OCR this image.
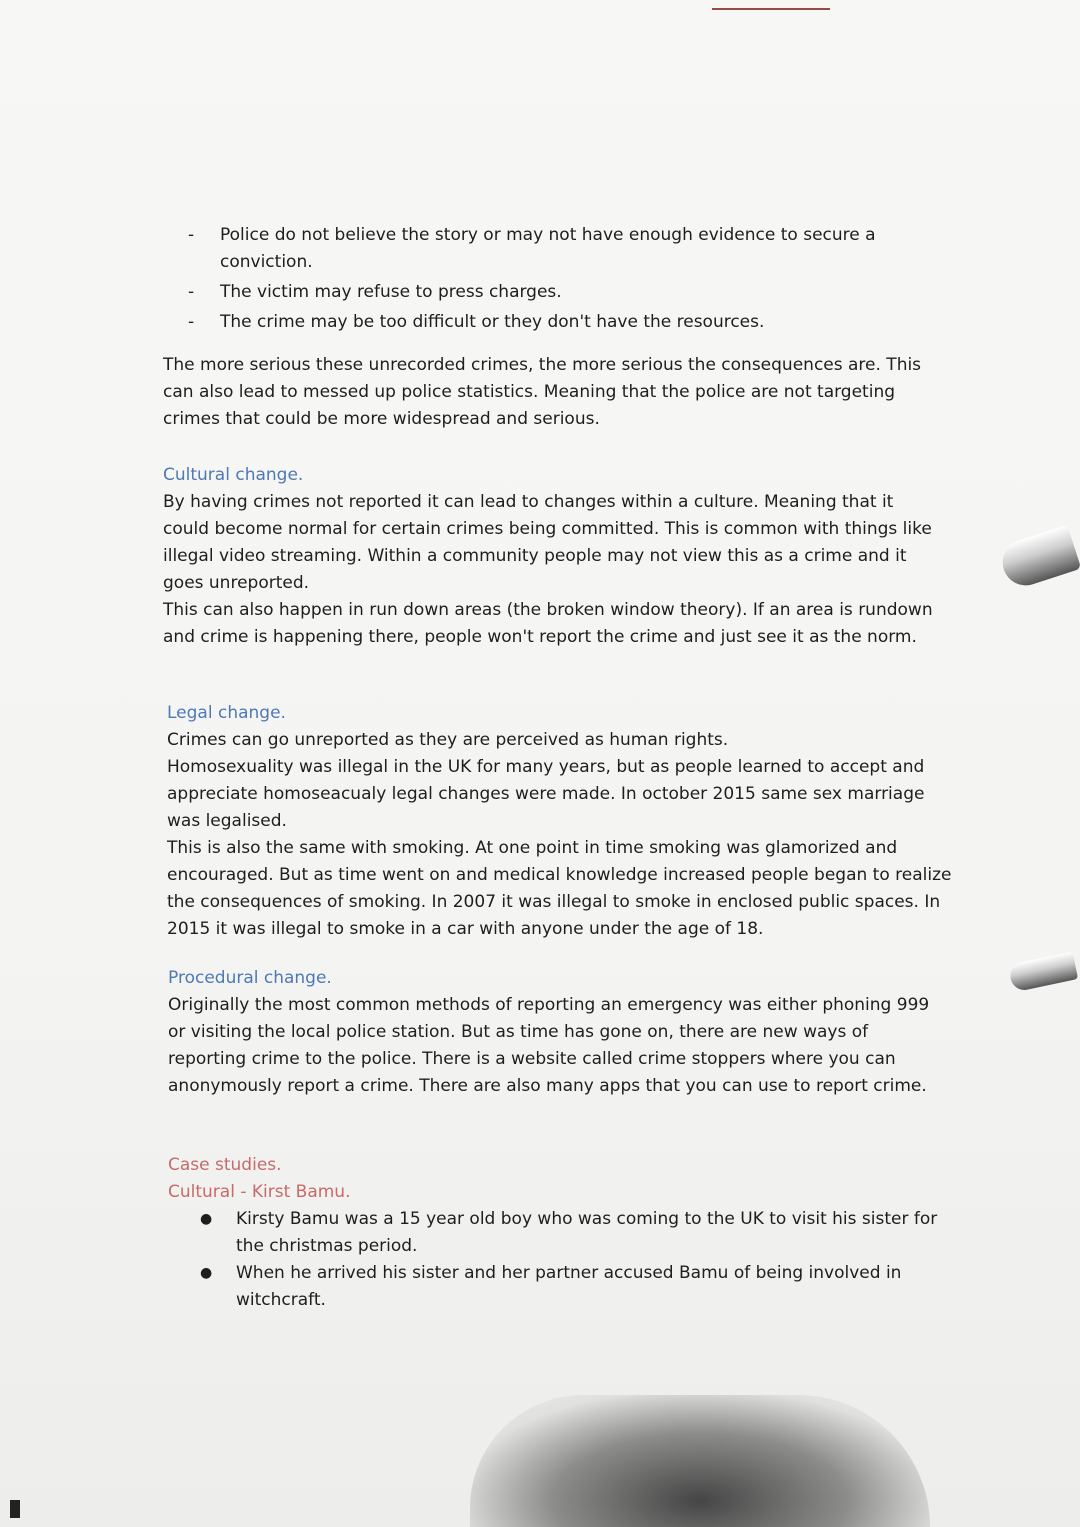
-	Police do not believe the story or may not have enough evidence to secure a conviction.
-	The victim may refuse to press charges.
-	The crime may be too difficult or they don't have the resources.

The more serious these unrecorded crimes, the more serious the consequences are. This can also lead to messed up police statistics. Meaning that the police are not targeting crimes that could be more widespread and serious.

Cultural change.

By having crimes not reported it can lead to changes within a culture. Meaning that it could become normal for certain crimes being committed. This is common with things like illegal video streaming. Within a community people may not view this as a crime and it goes unreported.

This can also happen in run down areas (the broken window theory). If an area is rundown and crime is happening there, people won't report the crime and just see it as the norm.

Legal change.

Crimes can go unreported as they are perceived as human rights.

Homosexuality was illegal in the UK for many years, but as people learned to accept and appreciate homoseacualy legal changes were made. In october 2015 same sex marriage was legalised.

This is also the same with smoking. At one point in time smoking was glamorized and encouraged. But as time went on and medical knowledge increased people began to realize the consequences of smoking. In 2007 it was illegal to smoke in enclosed public spaces. In 2015 it was illegal to smoke in a car with anyone under the age of 18.

Procedural change.

Originally the most common methods of reporting an emergency was either phoning 999 or visiting the local police station. But as time has gone on, there are new ways of reporting crime to the police. There is a website called crime stoppers where you can anonymously report a crime. There are also many apps that you can use to report crime.

Case studies.
Cultural - Kirst Bamu.
●	Kirsty Bamu was a 15 year old boy who was coming to the UK to visit his sister for the christmas period.
●	When he arrived his sister and her partner accused Bamu of being involved in witchcraft.
